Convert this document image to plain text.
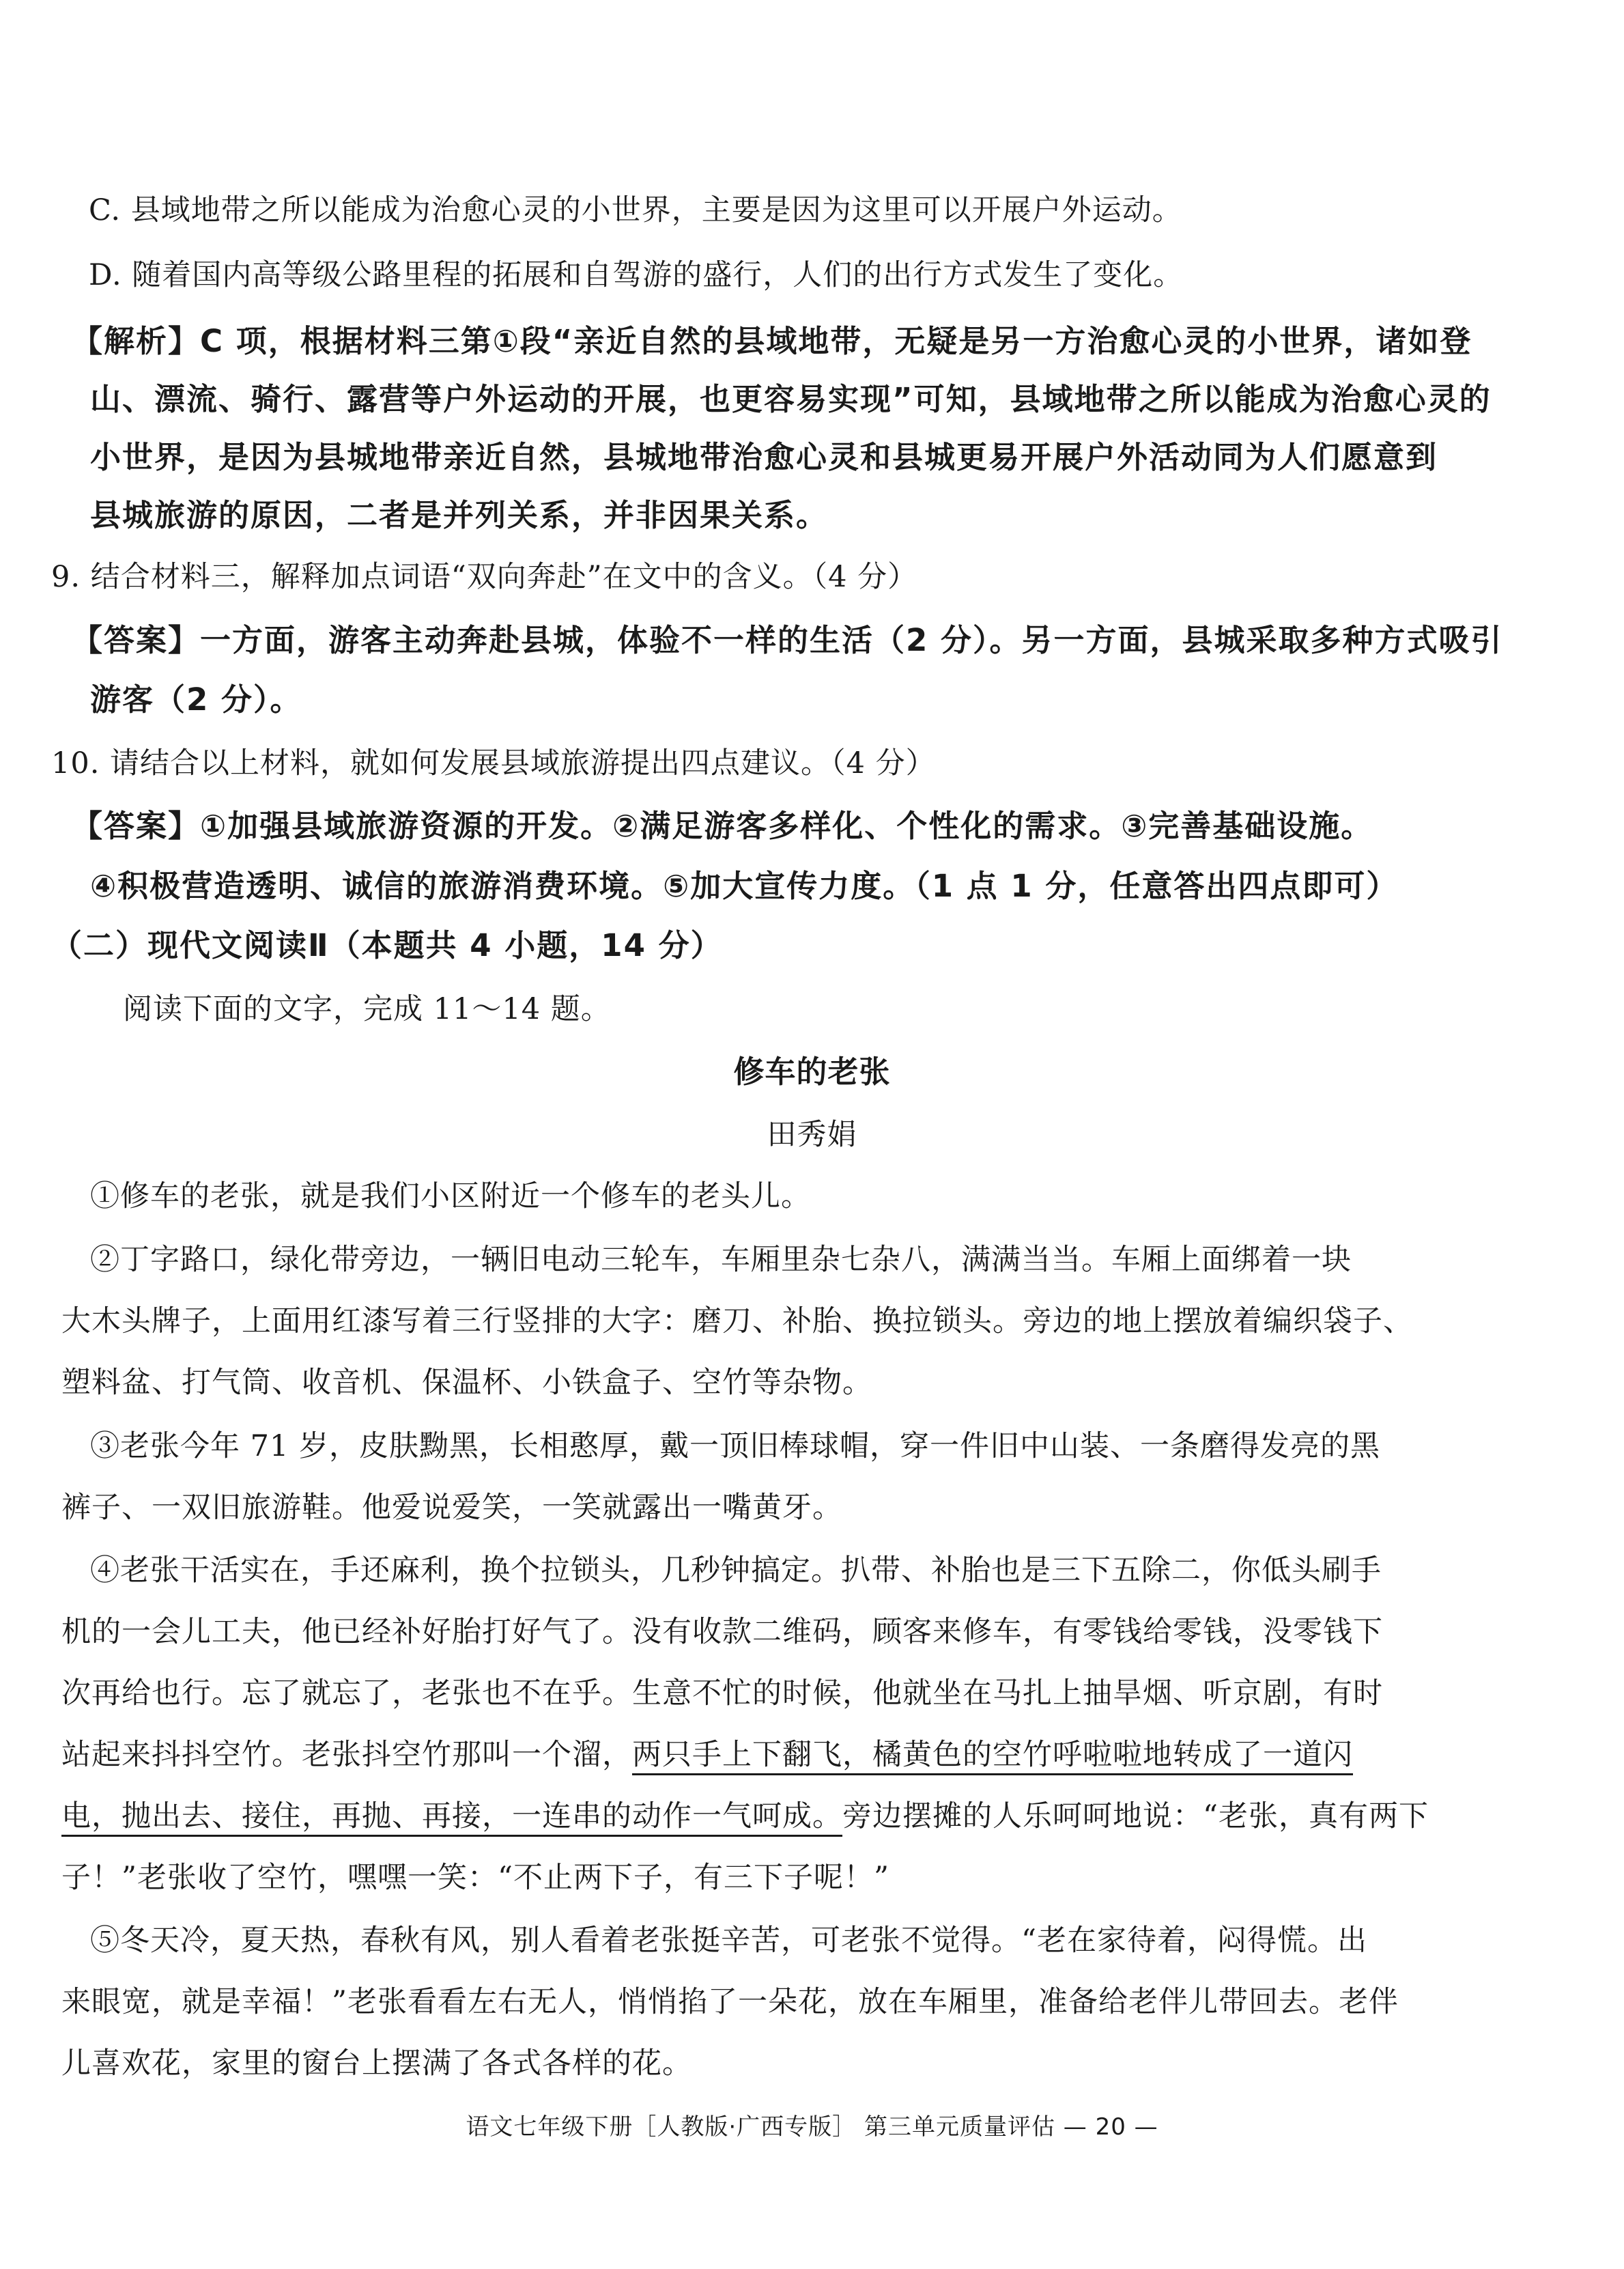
C. 县域地带之所以能成为治愈心灵的小世界，主要是因为这里可以开展户外运动。
D. 随着国内高等级公路里程的拓展和自驾游的盛行，人们的出行方式发生了变化。
【解析】C 项，根据材料三第①段“亲近自然的县域地带，无疑是另一方治愈心灵的小世界，诸如登
山、漂流、骑行、露营等户外运动的开展，也更容易实现”可知，县域地带之所以能成为治愈心灵的
小世界，是因为县城地带亲近自然，县城地带治愈心灵和县城更易开展户外活动同为人们愿意到
县城旅游的原因，二者是并列关系，并非因果关系。
9. 结合材料三，解释加点词语“双向奔赴”在文中的含义。（4 分）
【答案】一方面，游客主动奔赴县城，体验不一样的生活（2 分）。另一方面，县城采取多种方式吸引
游客（2 分）。
10. 请结合以上材料，就如何发展县域旅游提出四点建议。（4 分）
【答案】①加强县域旅游资源的开发。②满足游客多样化、个性化的需求。③完善基础设施。
④积极营造透明、诚信的旅游消费环境。⑤加大宣传力度。（1 点 1 分，任意答出四点即可）
（二）现代文阅读Ⅱ（本题共 4 小题，14 分）
阅读下面的文字，完成 11～14 题。
修车的老张
田秀娟
①修车的老张，就是我们小区附近一个修车的老头儿。
②丁字路口，绿化带旁边，一辆旧电动三轮车，车厢里杂七杂八，满满当当。车厢上面绑着一块
大木头牌子，上面用红漆写着三行竖排的大字：磨刀、补胎、换拉锁头。旁边的地上摆放着编织袋子、
塑料盆、打气筒、收音机、保温杯、小铁盒子、空竹等杂物。
③老张今年 71 岁，皮肤黝黑，长相憨厚，戴一顶旧棒球帽，穿一件旧中山装、一条磨得发亮的黑
裤子、一双旧旅游鞋。他爱说爱笑，一笑就露出一嘴黄牙。
④老张干活实在，手还麻利，换个拉锁头，几秒钟搞定。扒带、补胎也是三下五除二，你低头刷手
机的一会儿工夫，他已经补好胎打好气了。没有收款二维码，顾客来修车，有零钱给零钱，没零钱下
次再给也行。忘了就忘了，老张也不在乎。生意不忙的时候，他就坐在马扎上抽旱烟、听京剧，有时
站起来抖抖空竹。老张抖空竹那叫一个溜，两只手上下翻飞，橘黄色的空竹呼啦啦地转成了一道闪
电，抛出去、接住，再抛、再接，一连串的动作一气呵成。旁边摆摊的人乐呵呵地说：“老张，真有两下
子！”老张收了空竹，嘿嘿一笑：“不止两下子，有三下子呢！”
⑤冬天冷，夏天热，春秋有风，别人看着老张挺辛苦，可老张不觉得。“老在家待着，闷得慌。出
来眼宽，就是幸福！”老张看看左右无人，悄悄掐了一朵花，放在车厢里，准备给老伴儿带回去。老伴
儿喜欢花，家里的窗台上摆满了各式各样的花。
语文七年级下册［人教版·广西专版］ 第三单元质量评估 — 20 —
